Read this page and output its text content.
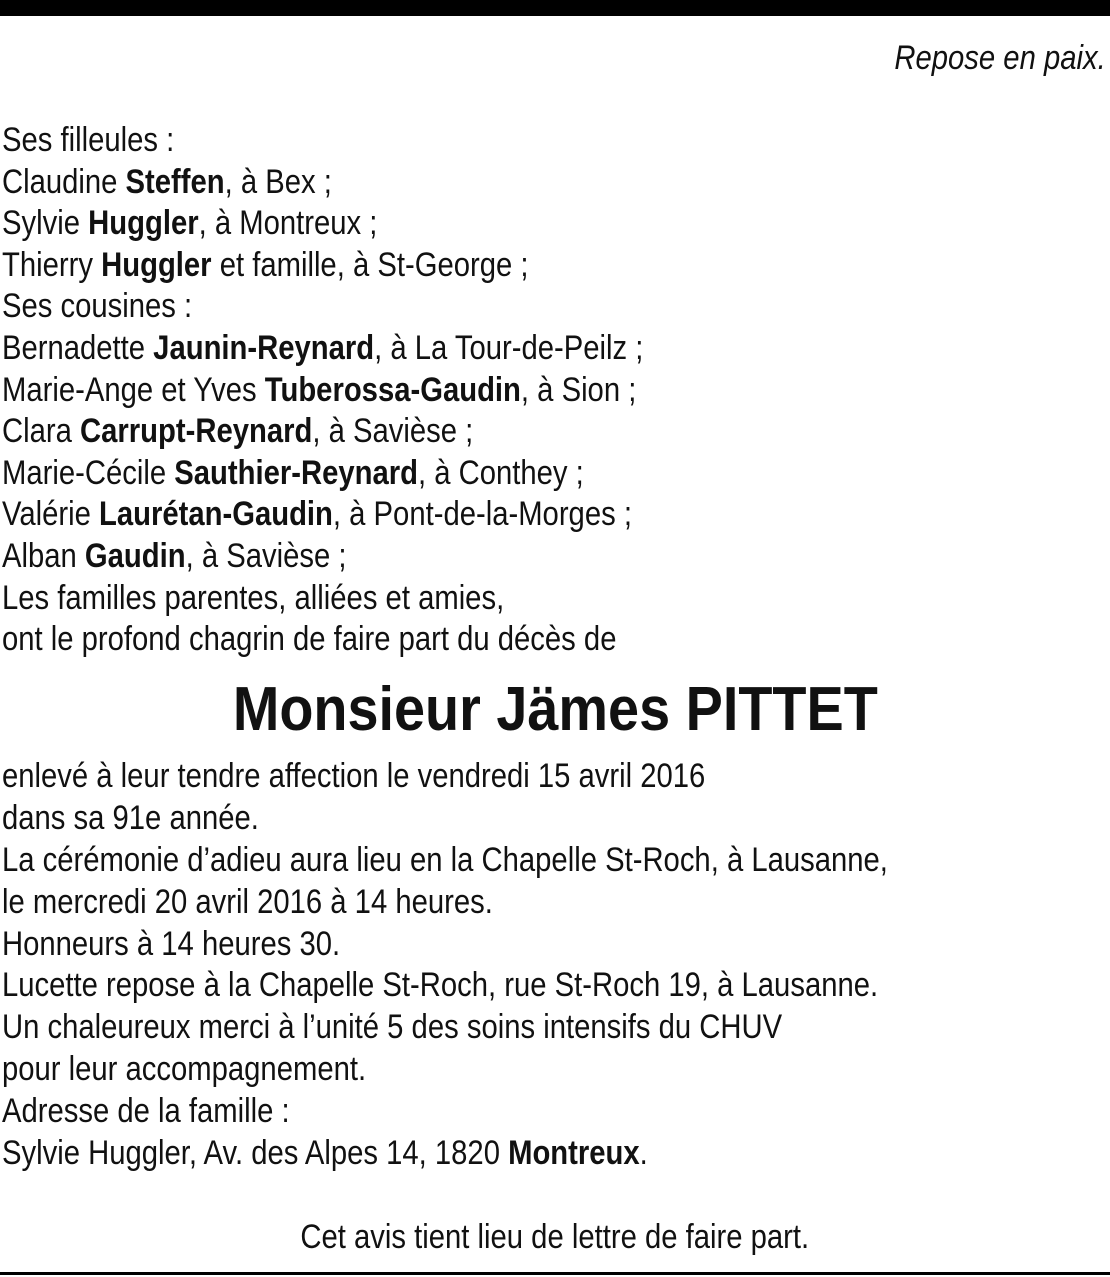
Repose en paix.
Ses filleules :
Claudine Steffen, à Bex ;
Sylvie Huggler, à Montreux ;
Thierry Huggler et famille, à St-George ;
Ses cousines :
Bernadette Jaunin-Reynard, à La Tour-de-Peilz ;
Marie-Ange et Yves Tuberossa-Gaudin, à Sion ;
Clara Carrupt-Reynard, à Savièse ;
Marie-Cécile Sauthier-Reynard, à Conthey ;
Valérie Laurétan-Gaudin, à Pont-de-la-Morges ;
Alban Gaudin, à Savièse ;
Les familles parentes, alliées et amies,
ont le profond chagrin de faire part du décès de
Monsieur Jämes PITTET
enlevé à leur tendre affection le vendredi 15 avril 2016
dans sa 91e année.
La cérémonie d’adieu aura lieu en la Chapelle St-Roch, à Lausanne,
le mercredi 20 avril 2016 à 14 heures.
Honneurs à 14 heures 30.
Lucette repose à la Chapelle St-Roch, rue St-Roch 19, à Lausanne.
Un chaleureux merci à l’unité 5 des soins intensifs du CHUV
pour leur accompagnement.
Adresse de la famille :
Sylvie Huggler, Av. des Alpes 14, 1820 Montreux.
Cet avis tient lieu de lettre de faire part.
